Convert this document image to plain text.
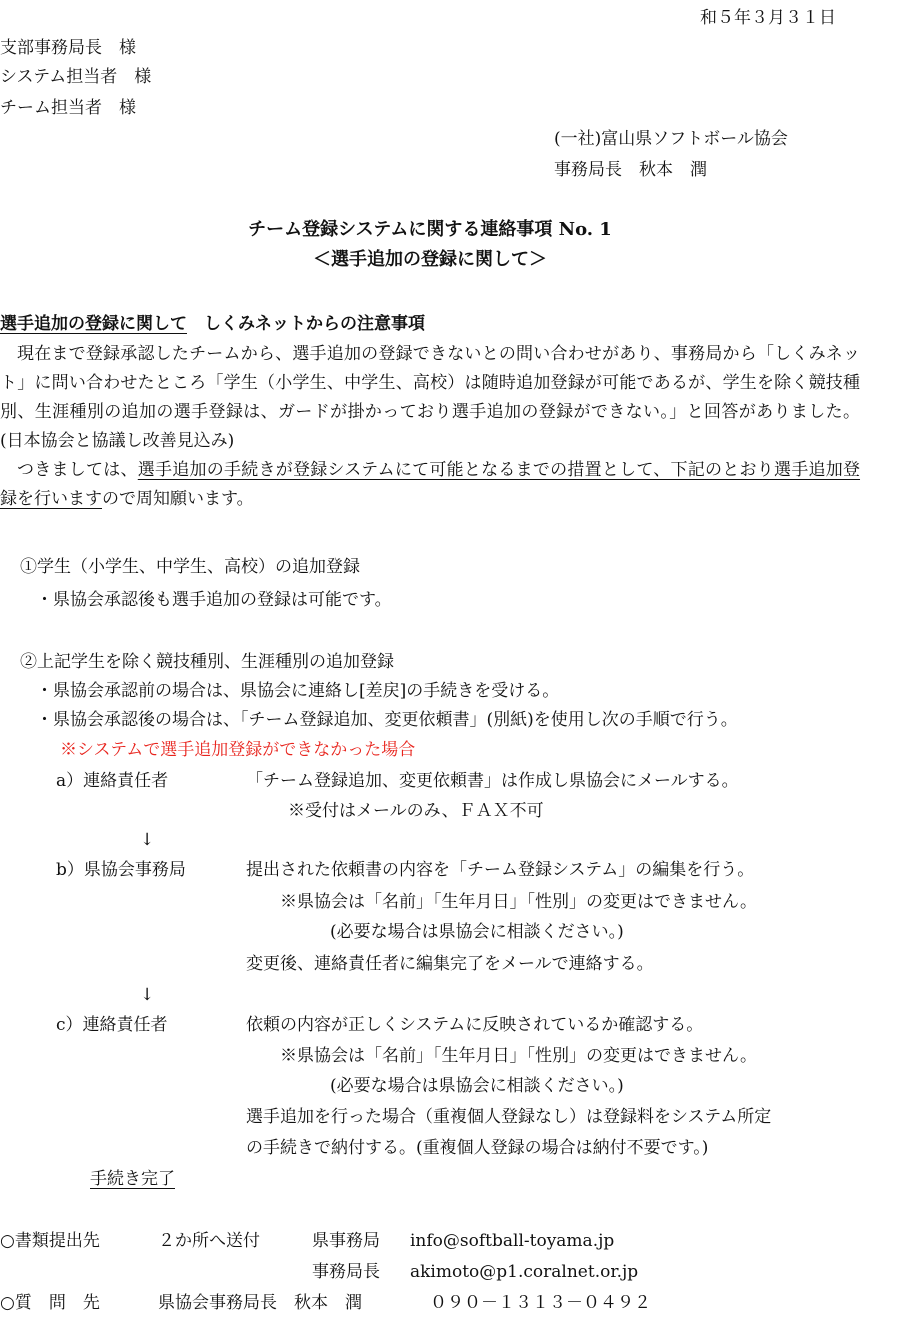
和５年３月３１日
支部事務局長　様
システム担当者　様
チーム担当者　様
(一社)富山県ソフトボール協会
事務局長　秋本　潤
チーム登録システムに関する連絡事項 No. 1
＜選手追加の登録に関して＞
選手追加の登録に関して　 しくみネットからの注意事項
現在まで登録承認したチームから、選手追加の登録できないとの問い合わせがあり、事務局から「しくみネット」に問い合わせたところ「学生（小学生、中学生、高校）は随時追加登録が可能であるが、学生を除く競技種別、生涯種別の追加の選手登録は、ガードが掛かっており選手追加の登録ができない。」と回答がありました。(日本協会と協議し改善見込み)
つきましては、選手追加の手続きが登録システムにて可能となるまでの措置として、下記のとおり選手追加登録を行いますので周知願います。
①学生（小学生、中学生、高校）の追加登録
・県協会承認後も選手追加の登録は可能です。
②上記学生を除く競技種別、生涯種別の追加登録
・県協会承認前の場合は、県協会に連絡し[差戻]の手続きを受ける。
・県協会承認後の場合は、｢チーム登録追加、変更依頼書」(別紙)を使用し次の手順で行う。
※システムで選手追加登録ができなかった場合
a）連絡責任者	「チーム登録追加、変更依頼書」は作成し県協会にメールする。
※受付はメールのみ、ＦＡＸ不可
↓
b）県協会事務局	提出された依頼書の内容を「チーム登録システム」の編集を行う。
※県協会は「名前」「生年月日」「性別」の変更はできません。
(必要な場合は県協会に相談ください。)
変更後、連絡責任者に編集完了をメールで連絡する。
↓
c）連絡責任者	依頼の内容が正しくシステムに反映されているか確認する。
※県協会は「名前」「生年月日」「性別」の変更はできません。
(必要な場合は県協会に相談ください。)
選手追加を行った場合（重複個人登録なし）は登録料をシステム所定
の手続きで納付する。(重複個人登録の場合は納付不要です。)
手続き完了
○書類提出先	２か所へ送付	県事務局 info@softball-toyama.jp
事務局長 akimoto@p1.coralnet.or.jp
○質　問　先	県協会事務局長　秋本　潤	０９０－１３１３－０４９２
